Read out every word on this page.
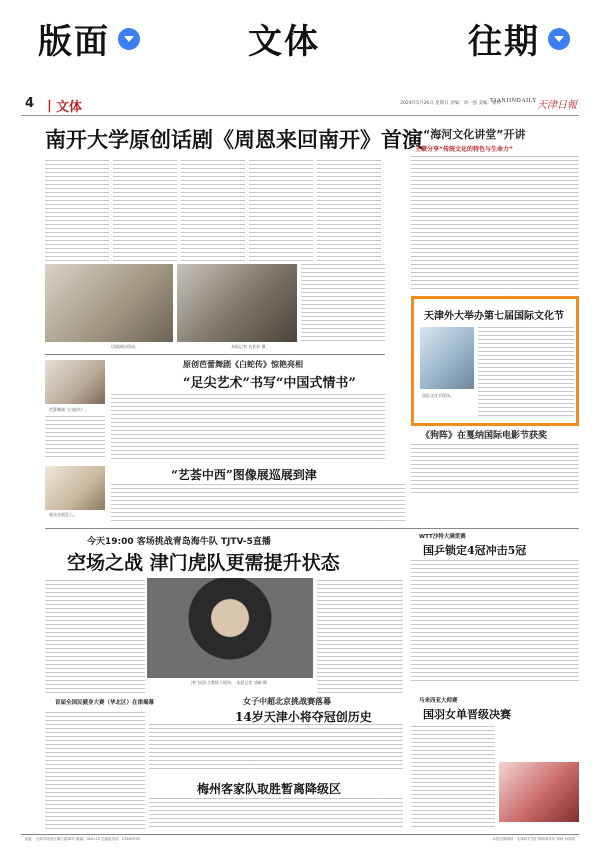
版面	文体	往期
4 丨文体	2024年5月26日 星期日 责编：刘一强 美编：崔婷
TIANJINDAILY 天津日報
南开大学原创话剧《周恩来回南开》首演
话剧演出现场。	本报记者 宣亚轩 摄
“海河文化讲堂”开讲
王蒙分享“传统文化的特色与生命力”
原创芭蕾舞剧《白蛇传》惊艳亮相
“足尖艺术”书写“中国式情书”
芭蕾舞剧《白蛇传》。
天津外大举办第七届国际文化节
国际文化节现场。
《狗阵》在戛纳国际电影节获奖
“艺荟中西”图像展巡展到津
观众在展览上。
今天19:00 客场挑战青岛海牛队 TJTV-5直播
空场之战 津门虎队更需提升状态
津门虎队主教练于根伟。 本报记者 刘畅 摄
女子中超北京挑战赛落幕
14岁天津小将夺冠创历史
首届全国民健身大赛（华北区）在津揭幕
梅州客家队取胜暂离降级区
WTT沙特大满贯赛
国乒锁定4冠冲击5冠
马来西亚大师赛
国羽女单晋级决赛
地址：天津市河西区梅江道28号 邮编：300210 总编室电话：23602930	本报法律顾问：天津四方君汇律师事务所 律师 何家明
